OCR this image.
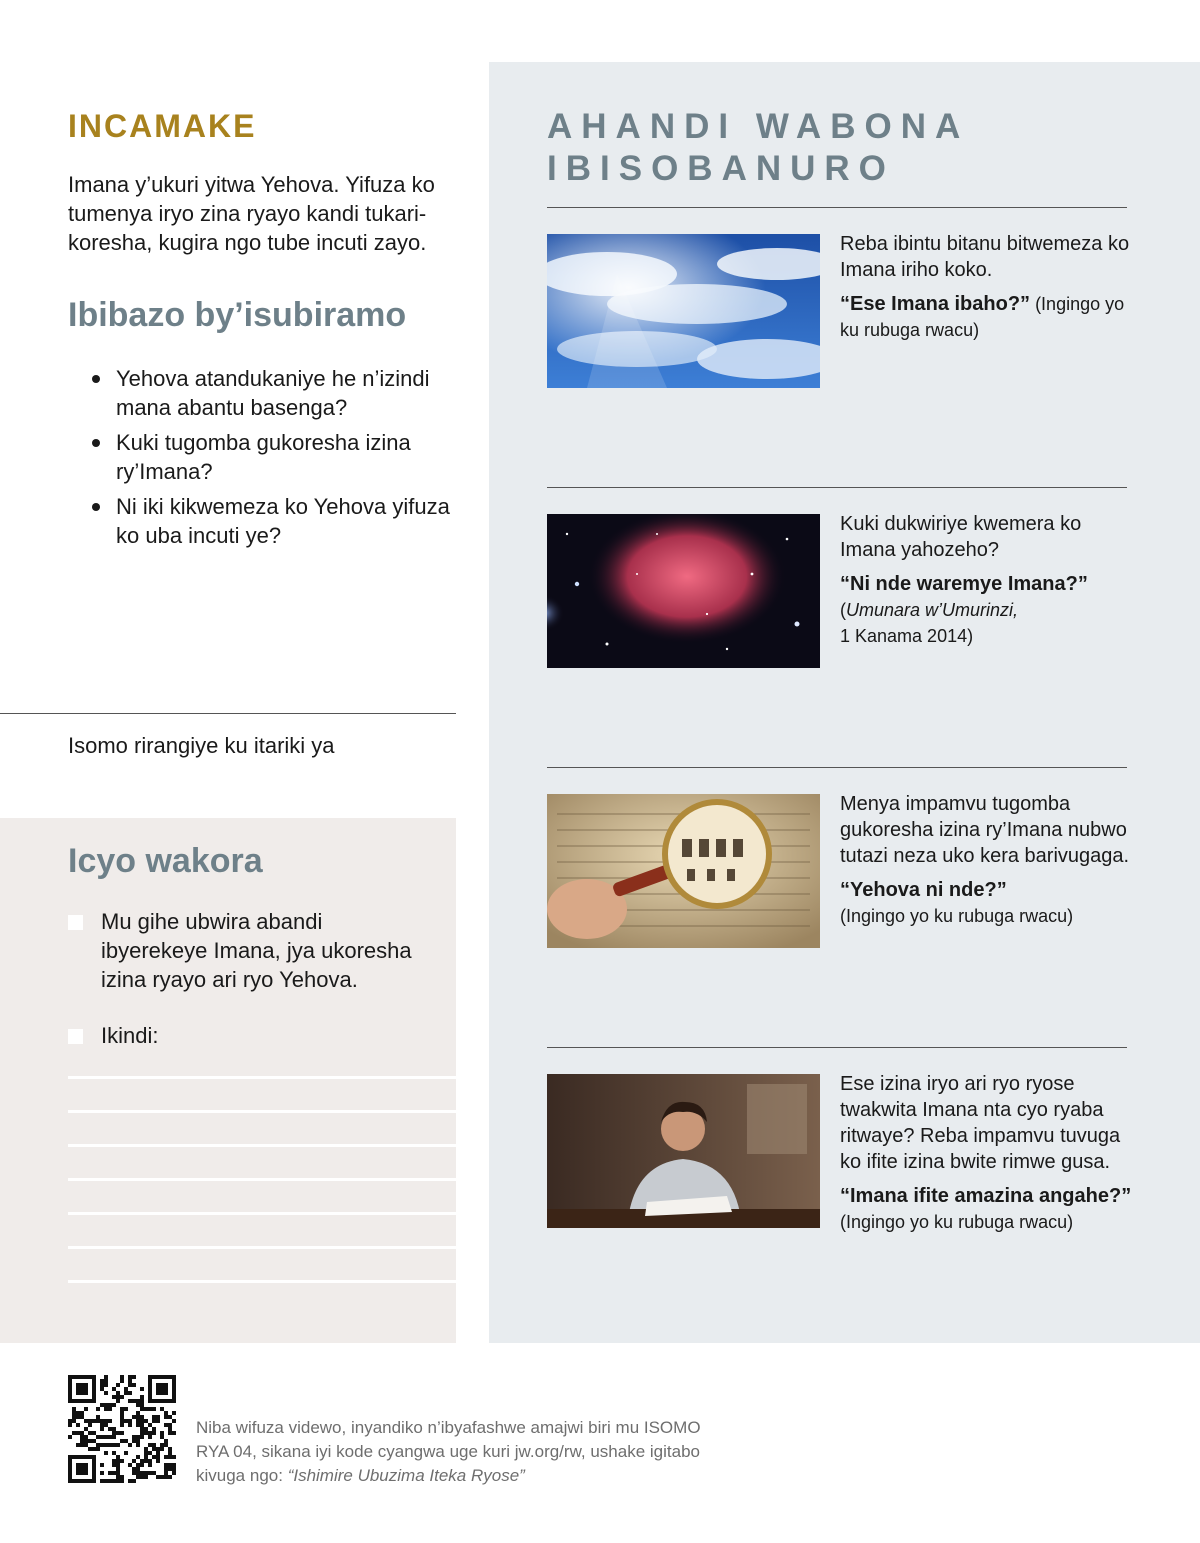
INCAMAKE
Imana y’ukuri yitwa Yehova. Yifuza ko tumenya iryo zina ryayo kandi tukari-koresha, kugira ngo tube incuti zayo.
Ibibazo by’isubiramo
Yehova atandukaniye he n’izindi mana abantu basenga?
Kuki tugomba gukoresha izina ry’Imana?
Ni iki kikwemeza ko Yehova yifuza ko uba incuti ye?
Isomo rirangiye ku itariki ya
Icyo wakora
Mu gihe ubwira abandi ibyerekeye Imana, jya ukoresha izina ryayo ari ryo Yehova.
Ikindi:
AHANDI WABONA IBISOBANURO
Reba ibintu bitanu bitwemeza ko Imana iriho koko.
“Ese Imana ibaho?” (Ingingo yo ku rubuga rwacu)
Kuki dukwiriye kwemera ko Imana yahozeho?
“Ni nde waremye Imana?”
(Umunara w’Umurinzi,
1 Kanama 2014)
Menya impamvu tugomba gukoresha izina ry’Imana nubwo tutazi neza uko kera barivugaga.
“Yehova ni nde?”
(Ingingo yo ku rubuga rwacu)
Ese izina iryo ari ryo ryose twakwita Imana nta cyo ryaba ritwaye? Reba impamvu tuvuga ko ifite izina bwite rimwe gusa.
“Imana ifite amazina angahe?” (Ingingo yo ku rubuga rwacu)
Niba wifuza videwo, inyandiko n’ibyafashwe amajwi biri mu ISOMO RYA 04, sikana iyi kode cyangwa uge kuri jw.org/rw, ushake igitabo kivuga ngo: “Ishimire Ubuzima Iteka Ryose”
